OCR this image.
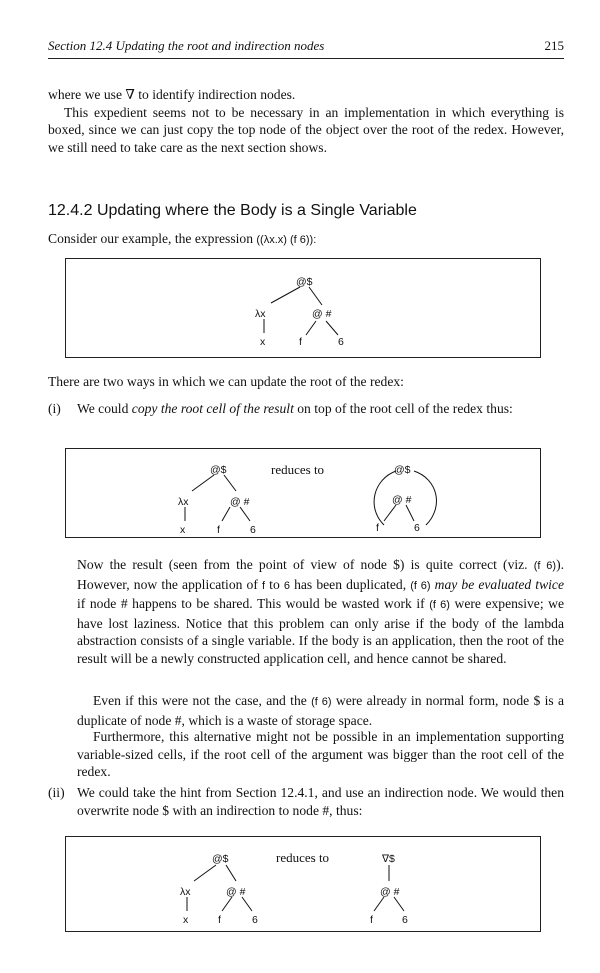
Section 12.4 Updating the root and indirection nodes	215

where we use ∇ to identify indirection nodes.

This expedient seems not to be necessary in an implementation in which everything is boxed, since we can just copy the top node of the object over the root of the redex. However, we still need to take care as the next section shows.

12.4.2 Updating where the Body is a Single Variable
Consider our example, the expression ((λx.x) (f 6)):
@$
λx	@ #
x	f	6
There are two ways in which we can update the root of the redex:
(i)	We could copy the root cell of the result on top of the root cell of the redex thus:
@$
λx	@ #
x	f	6
reduces to	@$
@ #
f	6
Now the result (seen from the point of view of node $) is quite correct (viz. (f 6)). However, now the application of f to 6 has been duplicated, (f 6) may be evaluated twice if node # happens to be shared. This would be wasted work if (f 6) were expensive; we have lost laziness. Notice that this problem can only arise if the body of the lambda abstraction consists of a single variable. If the body is an application, then the root of the result will be a newly constructed application cell, and hence cannot be shared.
Even if this were not the case, and the (f 6) were already in normal form, node $ is a duplicate of node #, which is a waste of storage space.
Furthermore, this alternative might not be possible in an implementation supporting variable-sized cells, if the root cell of the argument was bigger than the root cell of the redex.
(ii) We could take the hint from Section 12.4.1, and use an indirection node. We would then overwrite node $ with an indirection to node #, thus:
@$
λx	@ #
x	f	6
reduces to	∇$
@ #
f	6
